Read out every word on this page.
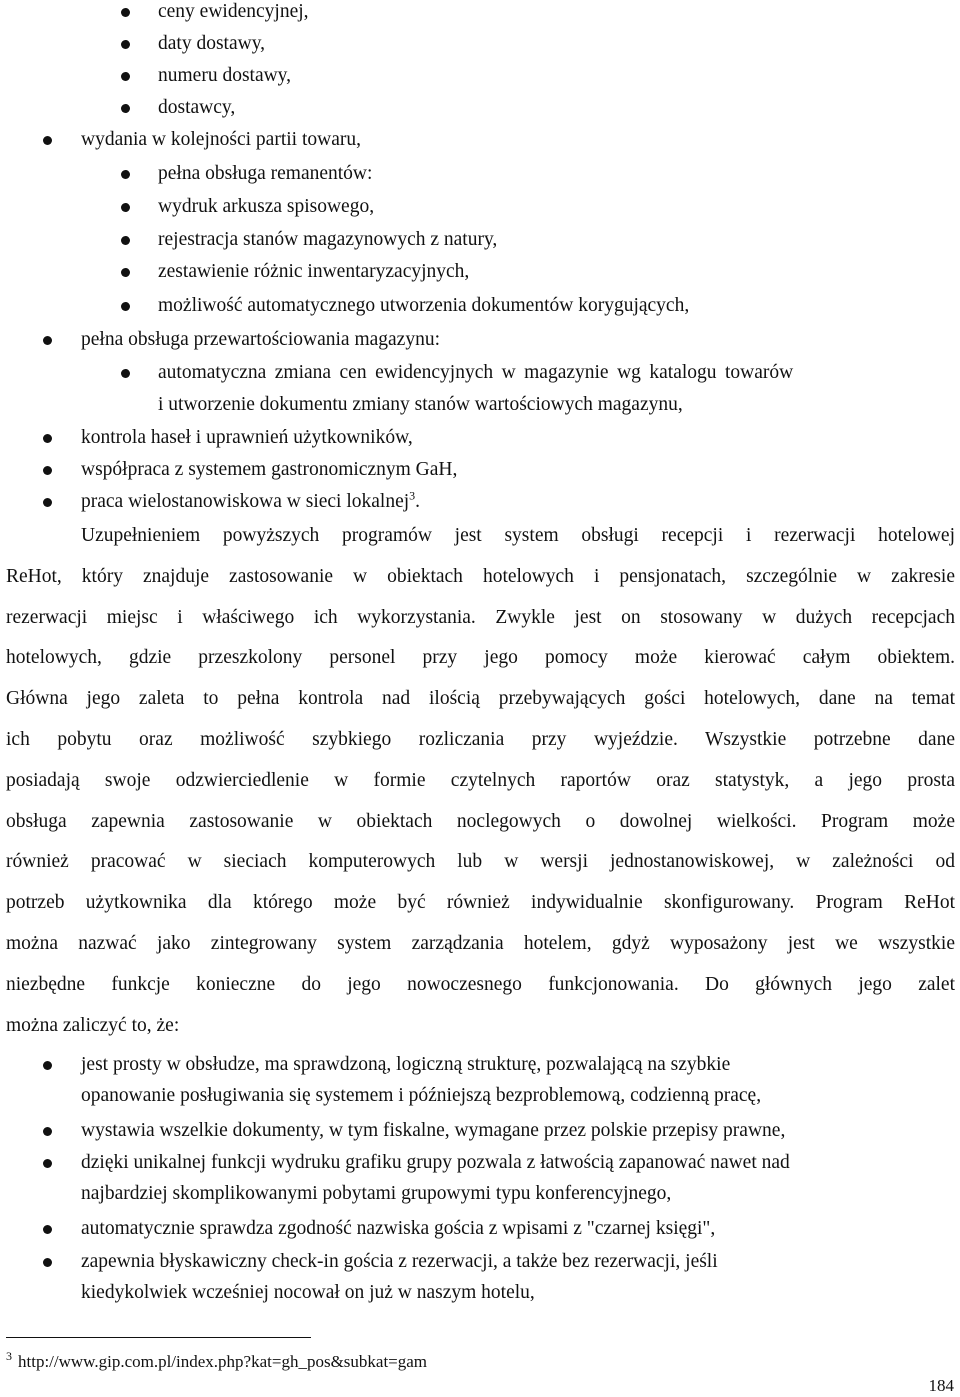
ceny ewidencyjnej,
daty dostawy,
numeru dostawy,
dostawcy,
wydania w kolejności partii towaru,
pełna obsługa remanentów:
wydruk arkusza spisowego,
rejestracja stanów magazynowych z natury,
zestawienie różnic inwentaryzacyjnych,
możliwość automatycznego utworzenia dokumentów korygujących,
pełna obsługa przewartościowania magazynu:
automatyczna zmiana cen ewidencyjnych w magazynie wg katalogu towarów
i utworzenie dokumentu zmiany stanów wartościowych magazynu,
kontrola haseł i uprawnień użytkowników,
współpraca z systemem gastronomicznym GaH,
praca wielostanowiskowa w sieci lokalnej$^3$.
Uzupełnieniem powyższych programów jest system obsługi recepcji i rezerwacji hotelowej
ReHot, który znajduje zastosowanie w obiektach hotelowych i pensjonatach, szczególnie w zakresie
rezerwacji miejsc i właściwego ich wykorzystania. Zwykle jest on stosowany w dużych recepcjach
hotelowych, gdzie przeszkolony personel przy jego pomocy może kierować całym obiektem.
Główna jego zaleta to pełna kontrola nad ilością przebywających gości hotelowych, dane na temat
ich pobytu oraz możliwość szybkiego rozliczania przy wyjeździe. Wszystkie potrzebne dane
posiadają swoje odzwierciedlenie w formie czytelnych raportów oraz statystyk, a jego prosta
obsługa zapewnia zastosowanie w obiektach noclegowych o dowolnej wielkości. Program może
również pracować w sieciach komputerowych lub w wersji jednostanowiskowej, w zależności od
potrzeb użytkownika dla którego może być również indywidualnie skonfigurowany. Program ReHot
można nazwać jako zintegrowany system zarządzania hotelem, gdyż wyposażony jest we wszystkie
niezbędne funkcje konieczne do jego nowoczesnego funkcjonowania. Do głównych jego zalet
można zaliczyć to, że:
jest prosty w obsłudze, ma sprawdzoną, logiczną strukturę, pozwalającą na szybkie
opanowanie posługiwania się systemem i późniejszą bezproblemową, codzienną pracę,
wystawia wszelkie dokumenty, w tym fiskalne, wymagane przez polskie przepisy prawne,
dzięki unikalnej funkcji wydruku grafiku grupy pozwala z łatwością zapanować nawet nad
najbardziej skomplikowanymi pobytami grupowymi typu konferencyjnego,
automatycznie sprawdza zgodność nazwiska gościa z wpisami z "czarnej księgi",
zapewnia błyskawiczny check-in gościa z rezerwacji, a także bez rezerwacji, jeśli
kiedykolwiek wcześniej nocował on już w naszym hotelu,
$^3$ http://www.gip.com.pl/index.php?kat=gh_pos&subkat=gam
184
